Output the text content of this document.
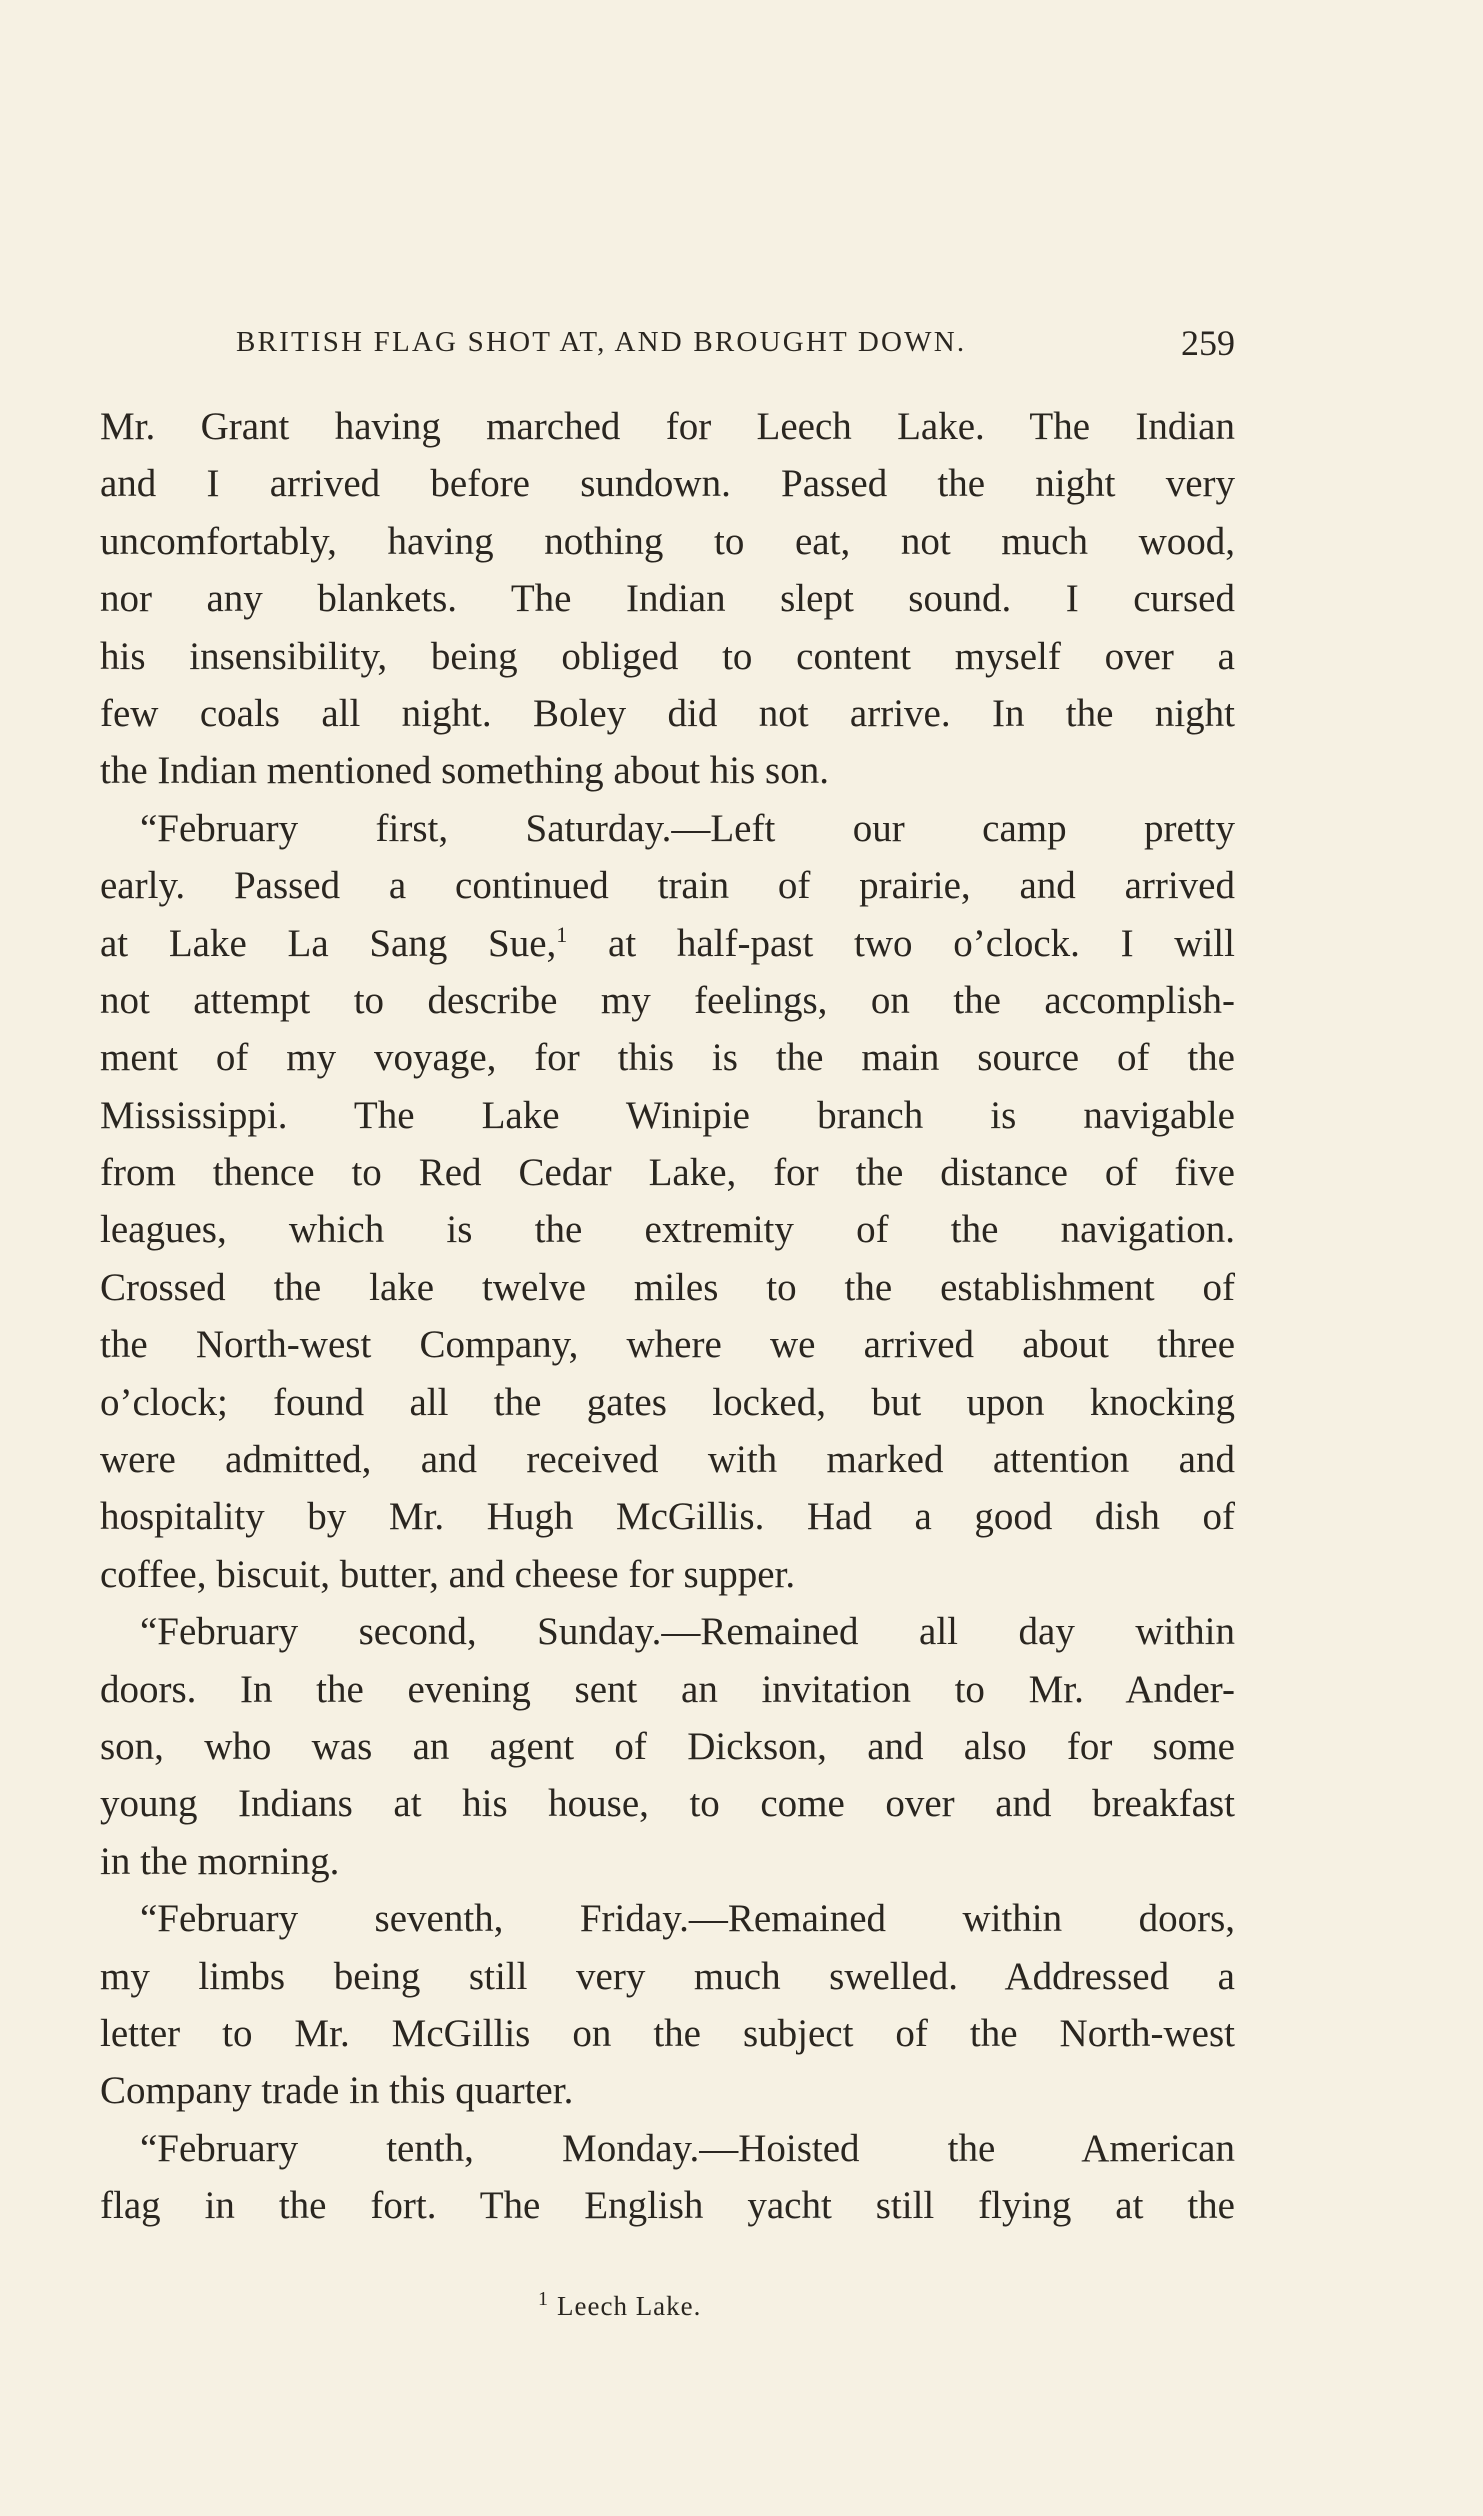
BRITISH FLAG SHOT AT, AND BROUGHT DOWN.	259
Mr. Grant having marched for Leech Lake. The Indian
and I arrived before sundown. Passed the night very
uncomfortably, having nothing to eat, not much wood,
nor any blankets. The Indian slept sound. I cursed
his insensibility, being obliged to content myself over a
few coals all night. Boley did not arrive. In the night
the Indian mentioned something about his son.
“February first, Saturday.—Left our camp pretty
early. Passed a continued train of prairie, and arrived
at Lake La Sang Sue,$^1$ at half-past two o’clock. I will
not attempt to describe my feelings, on the accomplish-
ment of my voyage, for this is the main source of the
Mississippi. The Lake Winipie branch is navigable
from thence to Red Cedar Lake, for the distance of five
leagues, which is the extremity of the navigation.
Crossed the lake twelve miles to the establishment of
the North-west Company, where we arrived about three
o’clock; found all the gates locked, but upon knocking
were admitted, and received with marked attention and
hospitality by Mr. Hugh McGillis. Had a good dish of
coffee, biscuit, butter, and cheese for supper.
“February second, Sunday.—Remained all day within
doors. In the evening sent an invitation to Mr. Ander-
son, who was an agent of Dickson, and also for some
young Indians at his house, to come over and breakfast
in the morning.
“February seventh, Friday.—Remained within doors,
my limbs being still very much swelled. Addressed a
letter to Mr. McGillis on the subject of the North-west
Company trade in this quarter.
“February tenth, Monday.—Hoisted the American
flag in the fort. The English yacht still flying at the
$^1$ Leech Lake.
